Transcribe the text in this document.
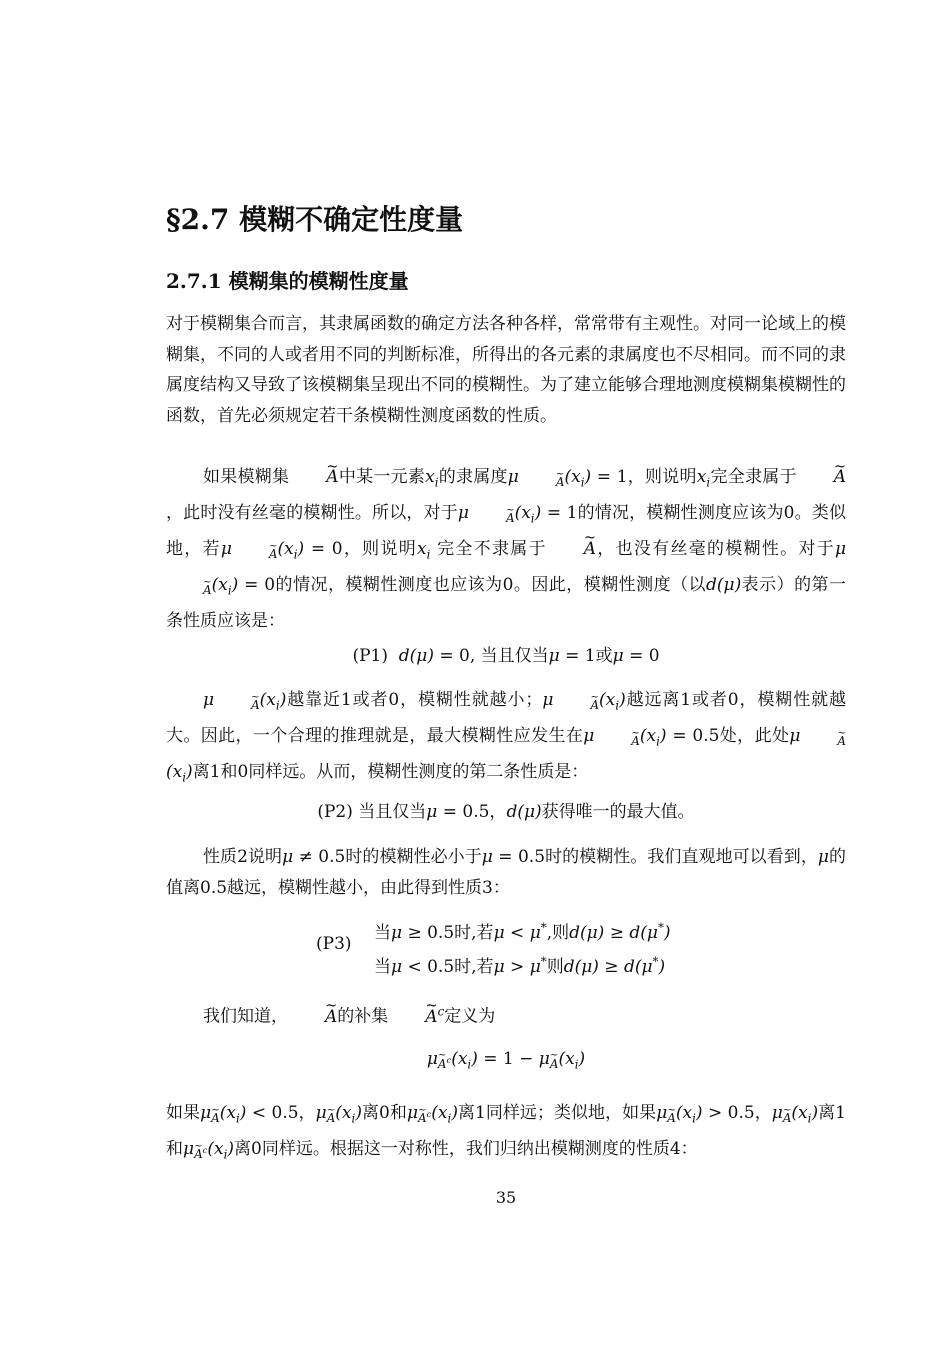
§2.7 模糊不确定性度量
2.7.1 模糊集的模糊性度量
对于模糊集合而言，其隶属函数的确定方法各种各样，常常带有主观性。对同一论域上的模糊集，不同的人或者用不同的判断标准，所得出的各元素的隶属度也不尽相同。而不同的隶属度结构又导致了该模糊集呈现出不同的模糊性。为了建立能够合理地测度模糊集模糊性的函数，首先必须规定若干条模糊性测度函数的性质。
如果模糊集 ~ A中某一元素$x_i$的隶属度μ	~ $_A(x_i) = 1$，则说明$x_i$完全隶属于 ~ A，此时没有丝毫的模糊性。所以，对于μ	~ $_A(x_i) = 1$的情况，模糊性测度应该为0。类似地，若μ	~ $_A(x_i) = 0$，则说明$x_i$ 完全不隶属于 ~ A，也没有丝毫的模糊性。对于μ~ $_A(x_i) = 0$的情况，模糊性测度也应该为0。因此，模糊性测度（以d(μ)表示）的第一条性质应该是：
(P1) d(μ) = 0, 当且仅当μ = 1或μ = 0
μ	~ $_A(x_i)$越靠近1或者0，模糊性就越小；μ	~ $_A(x_i)$越远离1或者0，模糊性就越大。因此，一个合理的推理就是，最大模糊性应发生在μ	~ $_A(x_i) = 0.5$处，此处μ	~ $_A(x_i)$离1和0同样远。从而，模糊性测度的第二条性质是：
(P2) 当且仅当μ = 0.5，d(μ)获得唯一的最大值。
性质2说明μ ≠ 0.5时的模糊性必小于μ = 0.5时的模糊性。我们直观地可以看到，μ的值离0.5越远，模糊性越小，由此得到性质3：
(P3)
当μ ≥ 0.5时,若μ < μ*,则d(μ) ≥ d(μ*)
当μ < 0.5时,若μ > μ*则d(μ) ≥ d(μ*)
我们知道， ~ A的补集 ~ $A^c$定义为
μ~ $_{A^c}(x_i) = 1$ − μ~ $_A(x_i)$
如果μ~ $_A(x_i) < 0.5$，μ~ $_A(x_i)$离0和μ~ $_{A^c}(x_i)$离1同样远；类似地，如果μ~ $_A(x_i) > 0.5$，μ~ $_A(x_i)$离1和μ~ $_{A^c}(x_i)$离0同样远。根据这一对称性，我们归纳出模糊测度的性质4：
35
